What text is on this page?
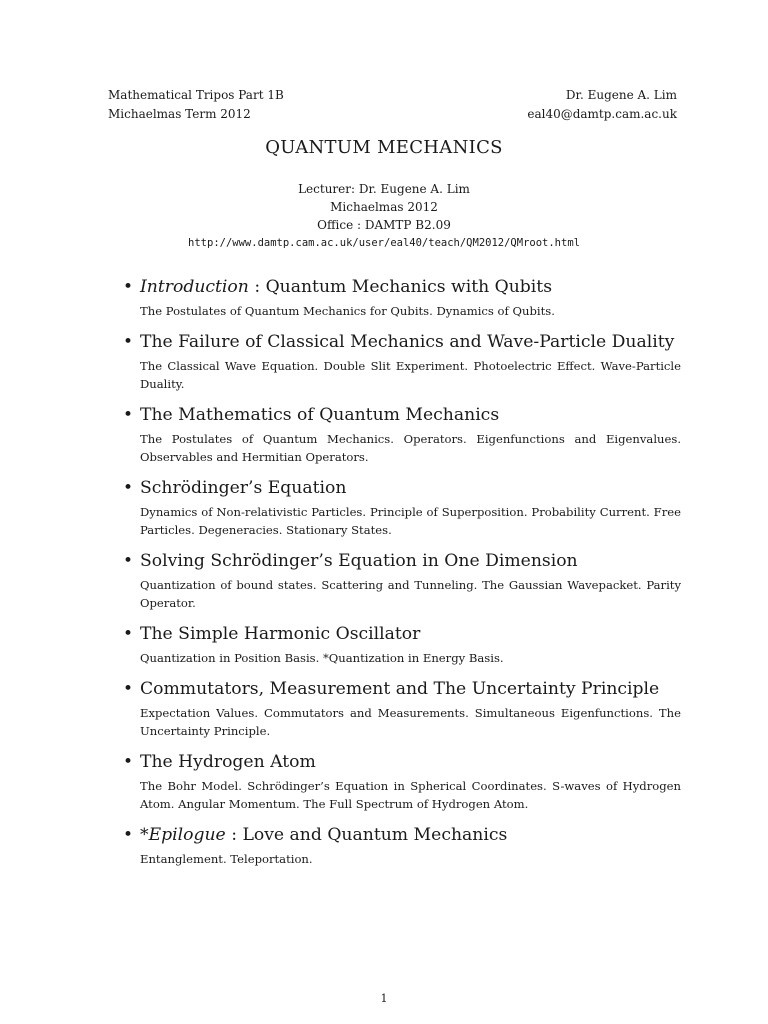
Mathematical Tripos Part 1B
Michaelmas Term 2012
Dr. Eugene A. Lim
eal40@damtp.cam.ac.uk
QUANTUM MECHANICS
Lecturer: Dr. Eugene A. Lim
Michaelmas 2012
Office : DAMTP B2.09
http://www.damtp.cam.ac.uk/user/eal40/teach/QM2012/QMroot.html
• Introduction : Quantum Mechanics with Qubits

The Postulates of Quantum Mechanics for Qubits. Dynamics of Qubits.

• The Failure of Classical Mechanics and Wave-Particle Duality

The Classical Wave Equation. Double Slit Experiment. Photoelectric Effect. Wave-Particle Duality.

• The Mathematics of Quantum Mechanics

The Postulates of Quantum Mechanics. Operators. Eigenfunctions and Eigenvalues. Observables and Hermitian Operators.

• Schrödinger’s Equation

Dynamics of Non-relativistic Particles. Principle of Superposition. Probability Current. Free Particles. Degeneracies. Stationary States.

• Solving Schrödinger’s Equation in One Dimension

Quantization of bound states. Scattering and Tunneling. The Gaussian Wavepacket. Parity Operator.

• The Simple Harmonic Oscillator

Quantization in Position Basis. *Quantization in Energy Basis.

• Commutators, Measurement and The Uncertainty Principle

Expectation Values. Commutators and Measurements. Simultaneous Eigenfunctions. The Uncertainty Principle.

• The Hydrogen Atom

The Bohr Model. Schrödinger’s Equation in Spherical Coordinates. S-waves of Hydrogen Atom. Angular Momentum. The Full Spectrum of Hydrogen Atom.

• *Epilogue : Love and Quantum Mechanics

Entanglement. Teleportation.

1
